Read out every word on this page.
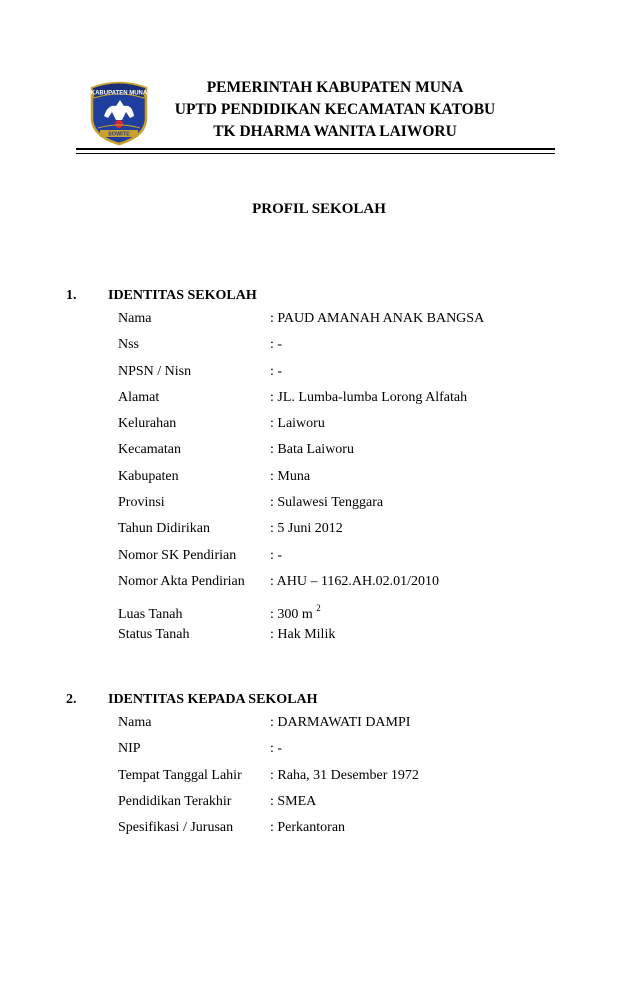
KABUPATEN MUNA
SOWITE
PEMERINTAH KABUPATEN MUNA
UPTD PENDIDIKAN KECAMATAN KATOBU
TK DHARMA WANITA LAIWORU
PROFIL SEKOLAH
1. IDENTITAS SEKOLAH
Nama	: PAUD AMANAH ANAK BANGSA
Nss	: -
NPSN / Nisn	: -
Alamat	: JL. Lumba-lumba Lorong Alfatah
Kelurahan	: Laiworu
Kecamatan	: Bata Laiworu
Kabupaten	: Muna
Provinsi	: Sulawesi Tenggara
Tahun Didirikan	: 5 Juni 2012
Nomor SK Pendirian : -
Nomor Akta Pendirian : AHU – 1162.AH.02.01/2010
Luas Tanah	: 300 m $^2$
Status Tanah	: Hak Milik
2. IDENTITAS KEPADA SEKOLAH
Nama	: DARMAWATI DAMPI
NIP	: -
Tempat Tanggal Lahir : Raha, 31 Desember 1972
Pendidikan Terakhir	: SMEA
Spesifikasi / Jurusan	: Perkantoran
